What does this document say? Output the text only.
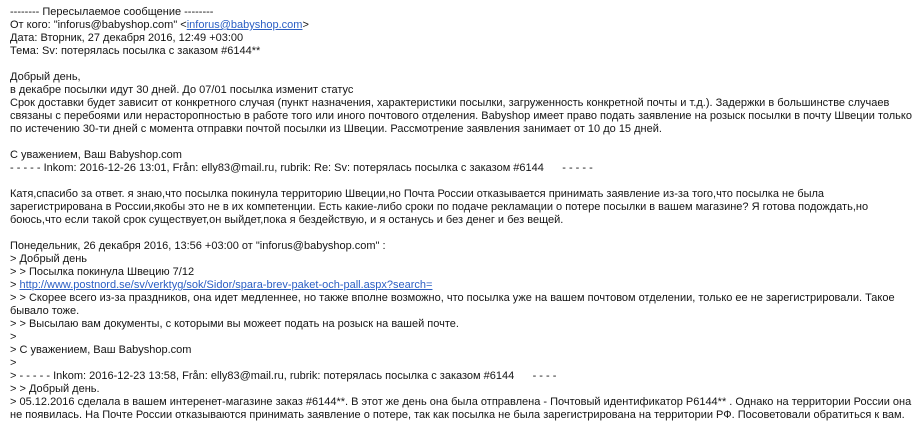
-------- Пересылаемое сообщение --------
От кого: "inforus@babyshop.com" <inforus@babyshop.com>
Дата: Вторник, 27 декабря 2016, 12:49 +03:00
Тема: Sv: потерялась посылка с заказом #6144**
Добрый день,
в декабре посылки идут 30 дней. До 07/01 посылка изменит статус
Срок доставки будет зависит от конкретного случая (пункт назначения, характеристики посылки, загруженность конкретной почты и т.д.). Задержки в большинстве случаев
связаны с перебоями или нерасторопностью в работе того или иного почтового отделения. Babyshop имеет право подать заявление на розыск посылки в почту Швеции только
по истечению 30-ти дней с момента отправки почтой посылки из Швеции. Рассмотрение заявления занимает от 10 до 15 дней.
С уважением, Ваш Babyshop.com
- - - - - Inkom: 2016-12-26 13:01, Från: elly83@mail.ru, rubrik: Re: Sv: потерялась посылка с заказом #6144      - - - - -
Катя,спасибо за ответ. я знаю,что посылка покинула территорию Швеции,но Почта России отказывается принимать заявление из-за того,что посылка не была
зарегистрирована в России,якобы это не в их компетенции. Есть какие-либо сроки по подаче рекламации о потере посылки в вашем магазине? Я готова подождать,но
боюсь,что если такой срок существует,он выйдет,пока я бездействую, и я останусь и без денег и без вещей.
Понедельник, 26 декабря 2016, 13:56 +03:00 от "inforus@babyshop.com" :
> Добрый день
> > Посылка покинула Швецию 7/12
> http://www.postnord.se/sv/verktyg/sok/Sidor/spara-brev-paket-och-pall.aspx?search=
> > Скорее всего из-за праздников, она идет медленнее, но также вполне возможно, что посылка уже на вашем почтовом отделении, только ее не зарегистрировали. Такое
бывало тоже.
> > Высылаю вам документы, с которыми вы можеет подать на розыск на вашей почте.
>
> С уважением, Ваш Babyshop.com
>
> - - - - - Inkom: 2016-12-23 13:58, Från: elly83@mail.ru, rubrik: потерялась посылка с заказом #6144      - - - -
> > Добрый день.
> 05.12.2016 сделала в вашем интеренет-магазине заказ #6144**. В этот же день она была отправлена - Почтовый идентификатор P6144** . Однако на территории России она
не появилась. На Почте России отказываются принимать заявление о потере, так как посылка не была зарегистрирована на территории РФ. Посоветовали обратиться к вам.
